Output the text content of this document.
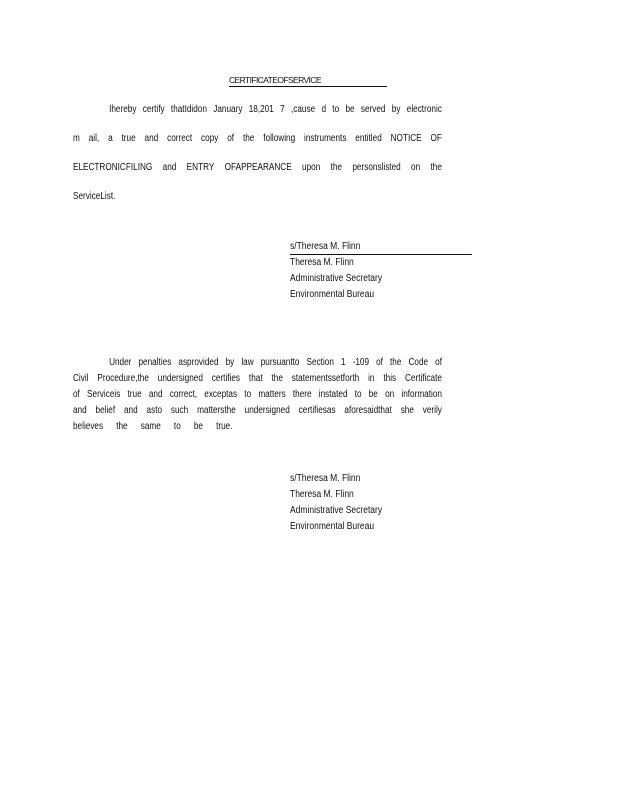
CERTIFICATEOFSERVICE
Ihereby certify thatIdidon January 18,201 7 ,cause d to be served by electronic
m ail, a true and correct copy of the following instruments entitled NOTICE OF
ELECTRONICFILING and ENTRY OFAPPEARANCE upon the personslisted on the
ServiceList.
s/Theresa M. Flinn
Theresa M. Flinn
Administrative Secretary
Environmental Bureau
Under penalties asprovided by law pursuantto Section 1 -109 of the Code of
Civil Procedure,the undersigned certifies that the statementssetforth in this Certificate
of Serviceis true and correct, exceptas to matters there instated to be on information
and belief and asto such mattersthe undersigned certifiesas aforesaidthat she verily
believes the same to be true.
s/Theresa M. Flinn
Theresa M. Flinn
Administrative Secretary
Environmental Bureau
